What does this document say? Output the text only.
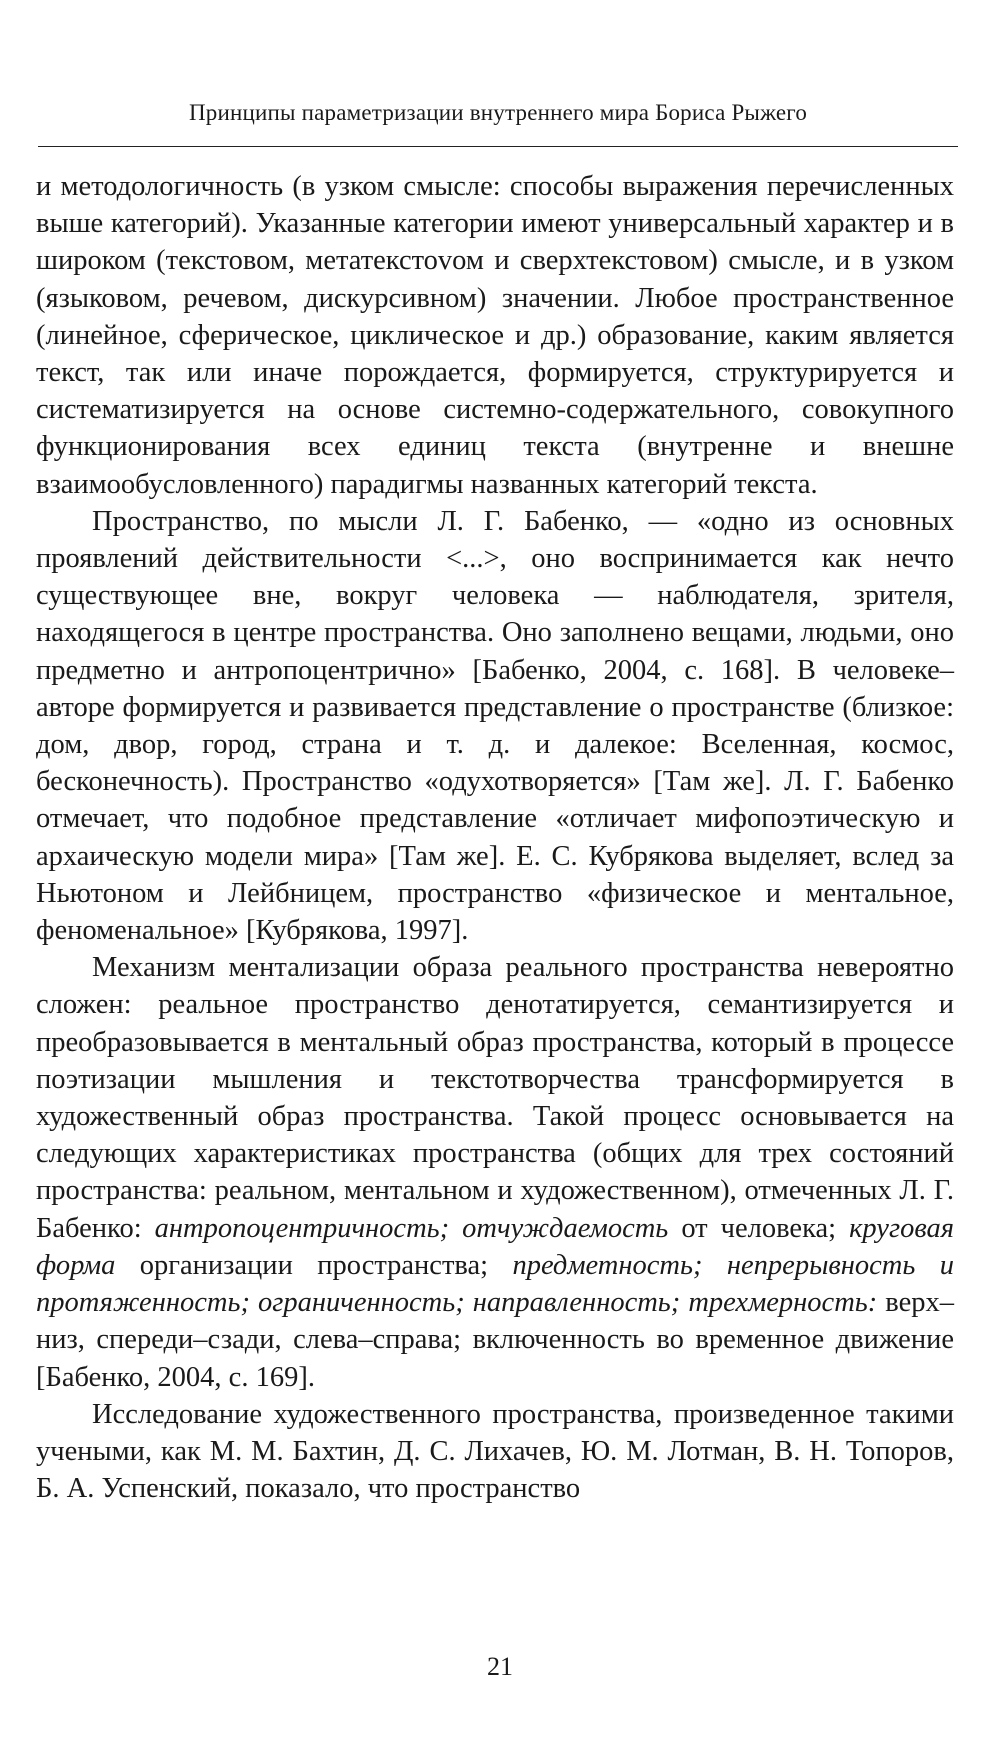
Принципы параметризации внутреннего мира Бориса Рыжего

и методологичность (в узком смысле: способы выражения перечисленных выше категорий). Указанные категории имеют универсальный характер и в широком (текстовом, метатекстоvом и сверхтекстовом) смысле, и в узком (языковом, речевом, дискурсивном) значении. Любое пространственное (линейное, сферическое, циклическое и др.) образование, каким является текст, так или иначе порождается, формируется, структурируется и систематизируется на основе системно-содержательного, совокупного функционирования всех единиц текста (внутренне и внешне взаимообусловленного) парадигмы названных категорий текста.

Пространство, по мысли Л. Г. Бабенко, — «одно из основных проявлений действительности <...>, оно воспринимается как нечто существующее вне, вокруг человека — наблюдателя, зрителя, находящегося в центре пространства. Оно заполнено вещами, людьми, оно предметно и антропоцентрично» [Бабенко, 2004, с. 168]. В человеке–авторе формируется и развивается представление о пространстве (близкое: дом, двор, город, страна и т. д. и далекое: Вселенная, космос, бесконечность). Пространство «одухотворяется» [Там же]. Л. Г. Бабенко отмечает, что подобное представление «отличает мифопоэтическую и архаическую модели мира» [Там же]. Е. С. Кубрякова выделяет, вслед за Ньютоном и Лейбницем, пространство «физическое и ментальное, феноменальное» [Кубрякова, 1997].

Механизм ментализации образа реального пространства невероятно сложен: реальное пространство денотатируется, семантизируется и преобразовывается в ментальный образ пространства, который в процессе поэтизации мышления и текстотворчества трансформируется в художественный образ пространства. Такой процесс основывается на следующих характеристиках пространства (общих для трех состояний пространства: реальном, ментальном и художественном), отмеченных Л. Г. Бабенко: антропоцентричность; отчуждаемость от человека; круговая форма организации пространства; предметность; непрерывность и протяженность; ограниченность; направленность; трехмерность: верх–низ, спереди–сзади, слева–справа; включенность во временное движение [Бабенко, 2004, с. 169].

Исследование художественного пространства, произведенное такими учеными, как М. М. Бахтин, Д. С. Лихачев, Ю. М. Лотман, В. Н. Топоров, Б. А. Успенский, показало, что пространство

21
